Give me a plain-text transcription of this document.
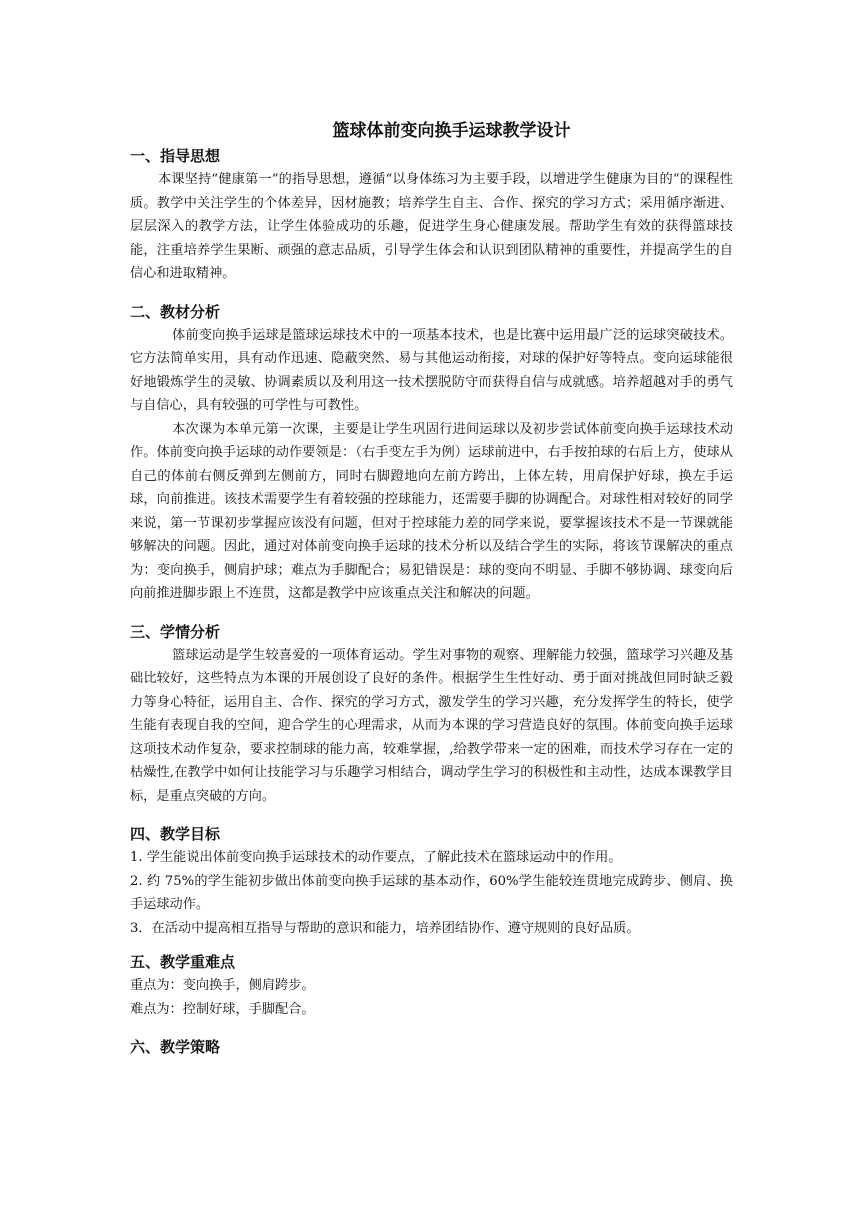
篮球体前变向换手运球教学设计
一、指导思想

本课坚持“健康第一”的指导思想，遵循“以身体练习为主要手段，以增进学生健康为目的”的课程性质。教学中关注学生的个体差异，因材施教；培养学生自主、合作、探究的学习方式；采用循序渐进、层层深入的教学方法，让学生体验成功的乐趣，促进学生身心健康发展。帮助学生有效的获得篮球技能，注重培养学生果断、顽强的意志品质，引导学生体会和认识到团队精神的重要性，并提高学生的自信心和进取精神。

二、教材分析

体前变向换手运球是篮球运球技术中的一项基本技术，也是比赛中运用最广泛的运球突破技术。它方法简单实用，具有动作迅速、隐蔽突然、易与其他运动衔接，对球的保护好等特点。变向运球能很好地锻炼学生的灵敏、协调素质以及利用这一技术摆脱防守而获得自信与成就感。培养超越对手的勇气与自信心，具有较强的可学性与可教性。

本次课为本单元第一次课，主要是让学生巩固行进间运球以及初步尝试体前变向换手运球技术动作。体前变向换手运球的动作要领是：（右手变左手为例）运球前进中，右手按拍球的右后上方，使球从自己的体前右侧反弹到左侧前方，同时右脚蹬地向左前方跨出，上体左转，用肩保护好球，换左手运球，向前推进。该技术需要学生有着较强的控球能力，还需要手脚的协调配合。对球性相对较好的同学来说，第一节课初步掌握应该没有问题，但对于控球能力差的同学来说，要掌握该技术不是一节课就能够解决的问题。因此，通过对体前变向换手运球的技术分析以及结合学生的实际，将该节课解决的重点为：变向换手，侧肩护球；难点为手脚配合；易犯错误是：球的变向不明显、手脚不够协调、球变向后向前推进脚步跟上不连贯，这都是教学中应该重点关注和解决的问题。

三、学情分析

篮球运动是学生较喜爱的一项体育运动。学生对事物的观察、理解能力较强，篮球学习兴趣及基础比较好，这些特点为本课的开展创设了良好的条件。根据学生生性好动、勇于面对挑战但同时缺乏毅力等身心特征，运用自主、合作、探究的学习方式，激发学生的学习兴趣，充分发挥学生的特长，使学生能有表现自我的空间，迎合学生的心理需求，从而为本课的学习营造良好的氛围。体前变向换手运球这项技术动作复杂，要求控制球的能力高，较难掌握，,给教学带来一定的困难，而技术学习存在一定的枯燥性,在教学中如何让技能学习与乐趣学习相结合，调动学生学习的积极性和主动性，达成本课教学目标，是重点突破的方向。

四、教学目标

1. 学生能说出体前变向换手运球技术的动作要点，了解此技术在篮球运动中的作用。

2. 约 75%的学生能初步做出体前变向换手运球的基本动作，60%学生能较连贯地完成跨步、侧肩、换手运球动作。

3．在活动中提高相互指导与帮助的意识和能力，培养团结协作、遵守规则的良好品质。

五、教学重难点

重点为：变向换手，侧肩跨步。

难点为：控制好球，手脚配合。

六、教学策略
